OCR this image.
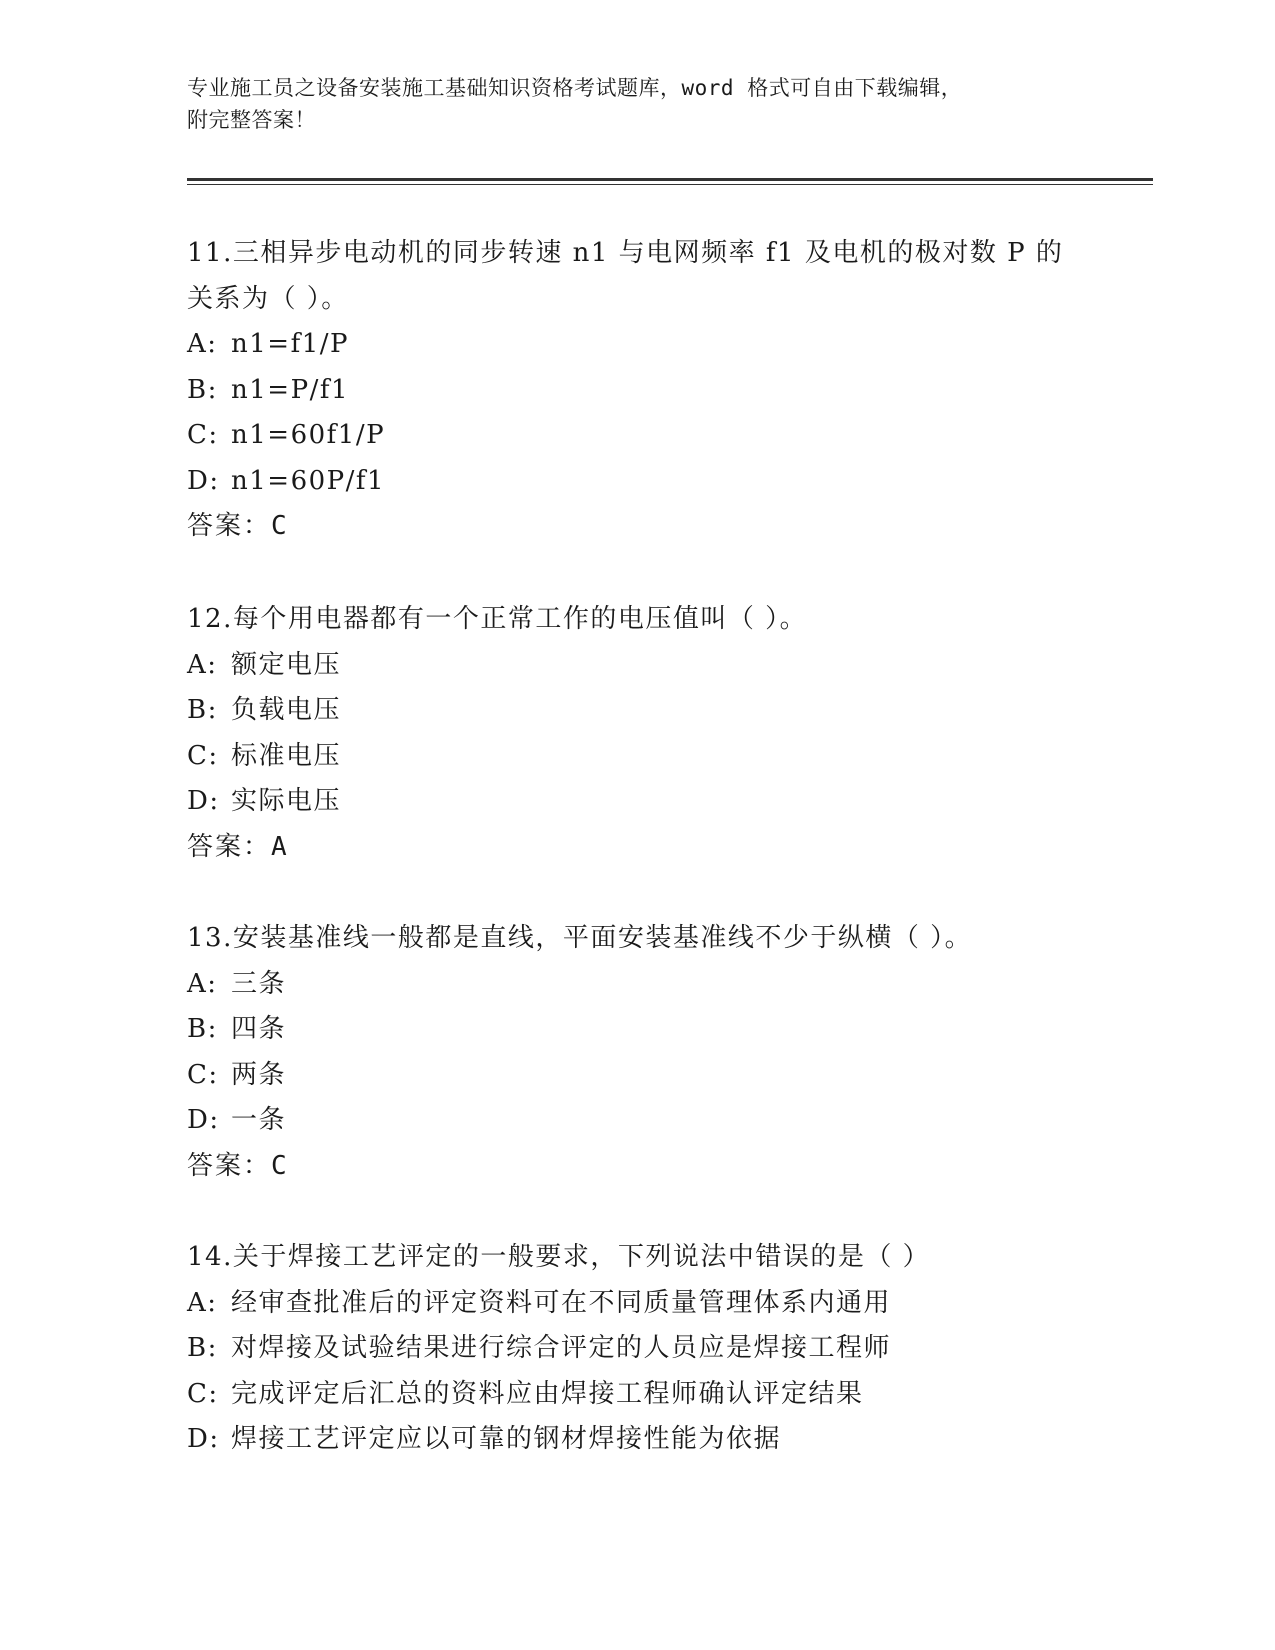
专业施工员之设备安装施工基础知识资格考试题库，word 格式可自由下载编辑，
附完整答案！
11.三相异步电动机的同步转速 n1 与电网频率 f1 及电机的极对数 P 的
关系为（ ）。
A: n1=f1/P
B: n1=P/f1
C: n1=60f1/P
D: n1=60P/f1
答案：C
12.每个用电器都有一个正常工作的电压值叫（ ）。
A: 额定电压
B: 负载电压
C: 标准电压
D: 实际电压
答案：A
13.安装基准线一般都是直线，平面安装基准线不少于纵横（ ）。
A: 三条
B: 四条
C: 两条
D: 一条
答案：C
14.关于焊接工艺评定的一般要求，下列说法中错误的是（ ）
A: 经审查批准后的评定资料可在不同质量管理体系内通用
B: 对焊接及试验结果进行综合评定的人员应是焊接工程师
C: 完成评定后汇总的资料应由焊接工程师确认评定结果
D: 焊接工艺评定应以可靠的钢材焊接性能为依据
